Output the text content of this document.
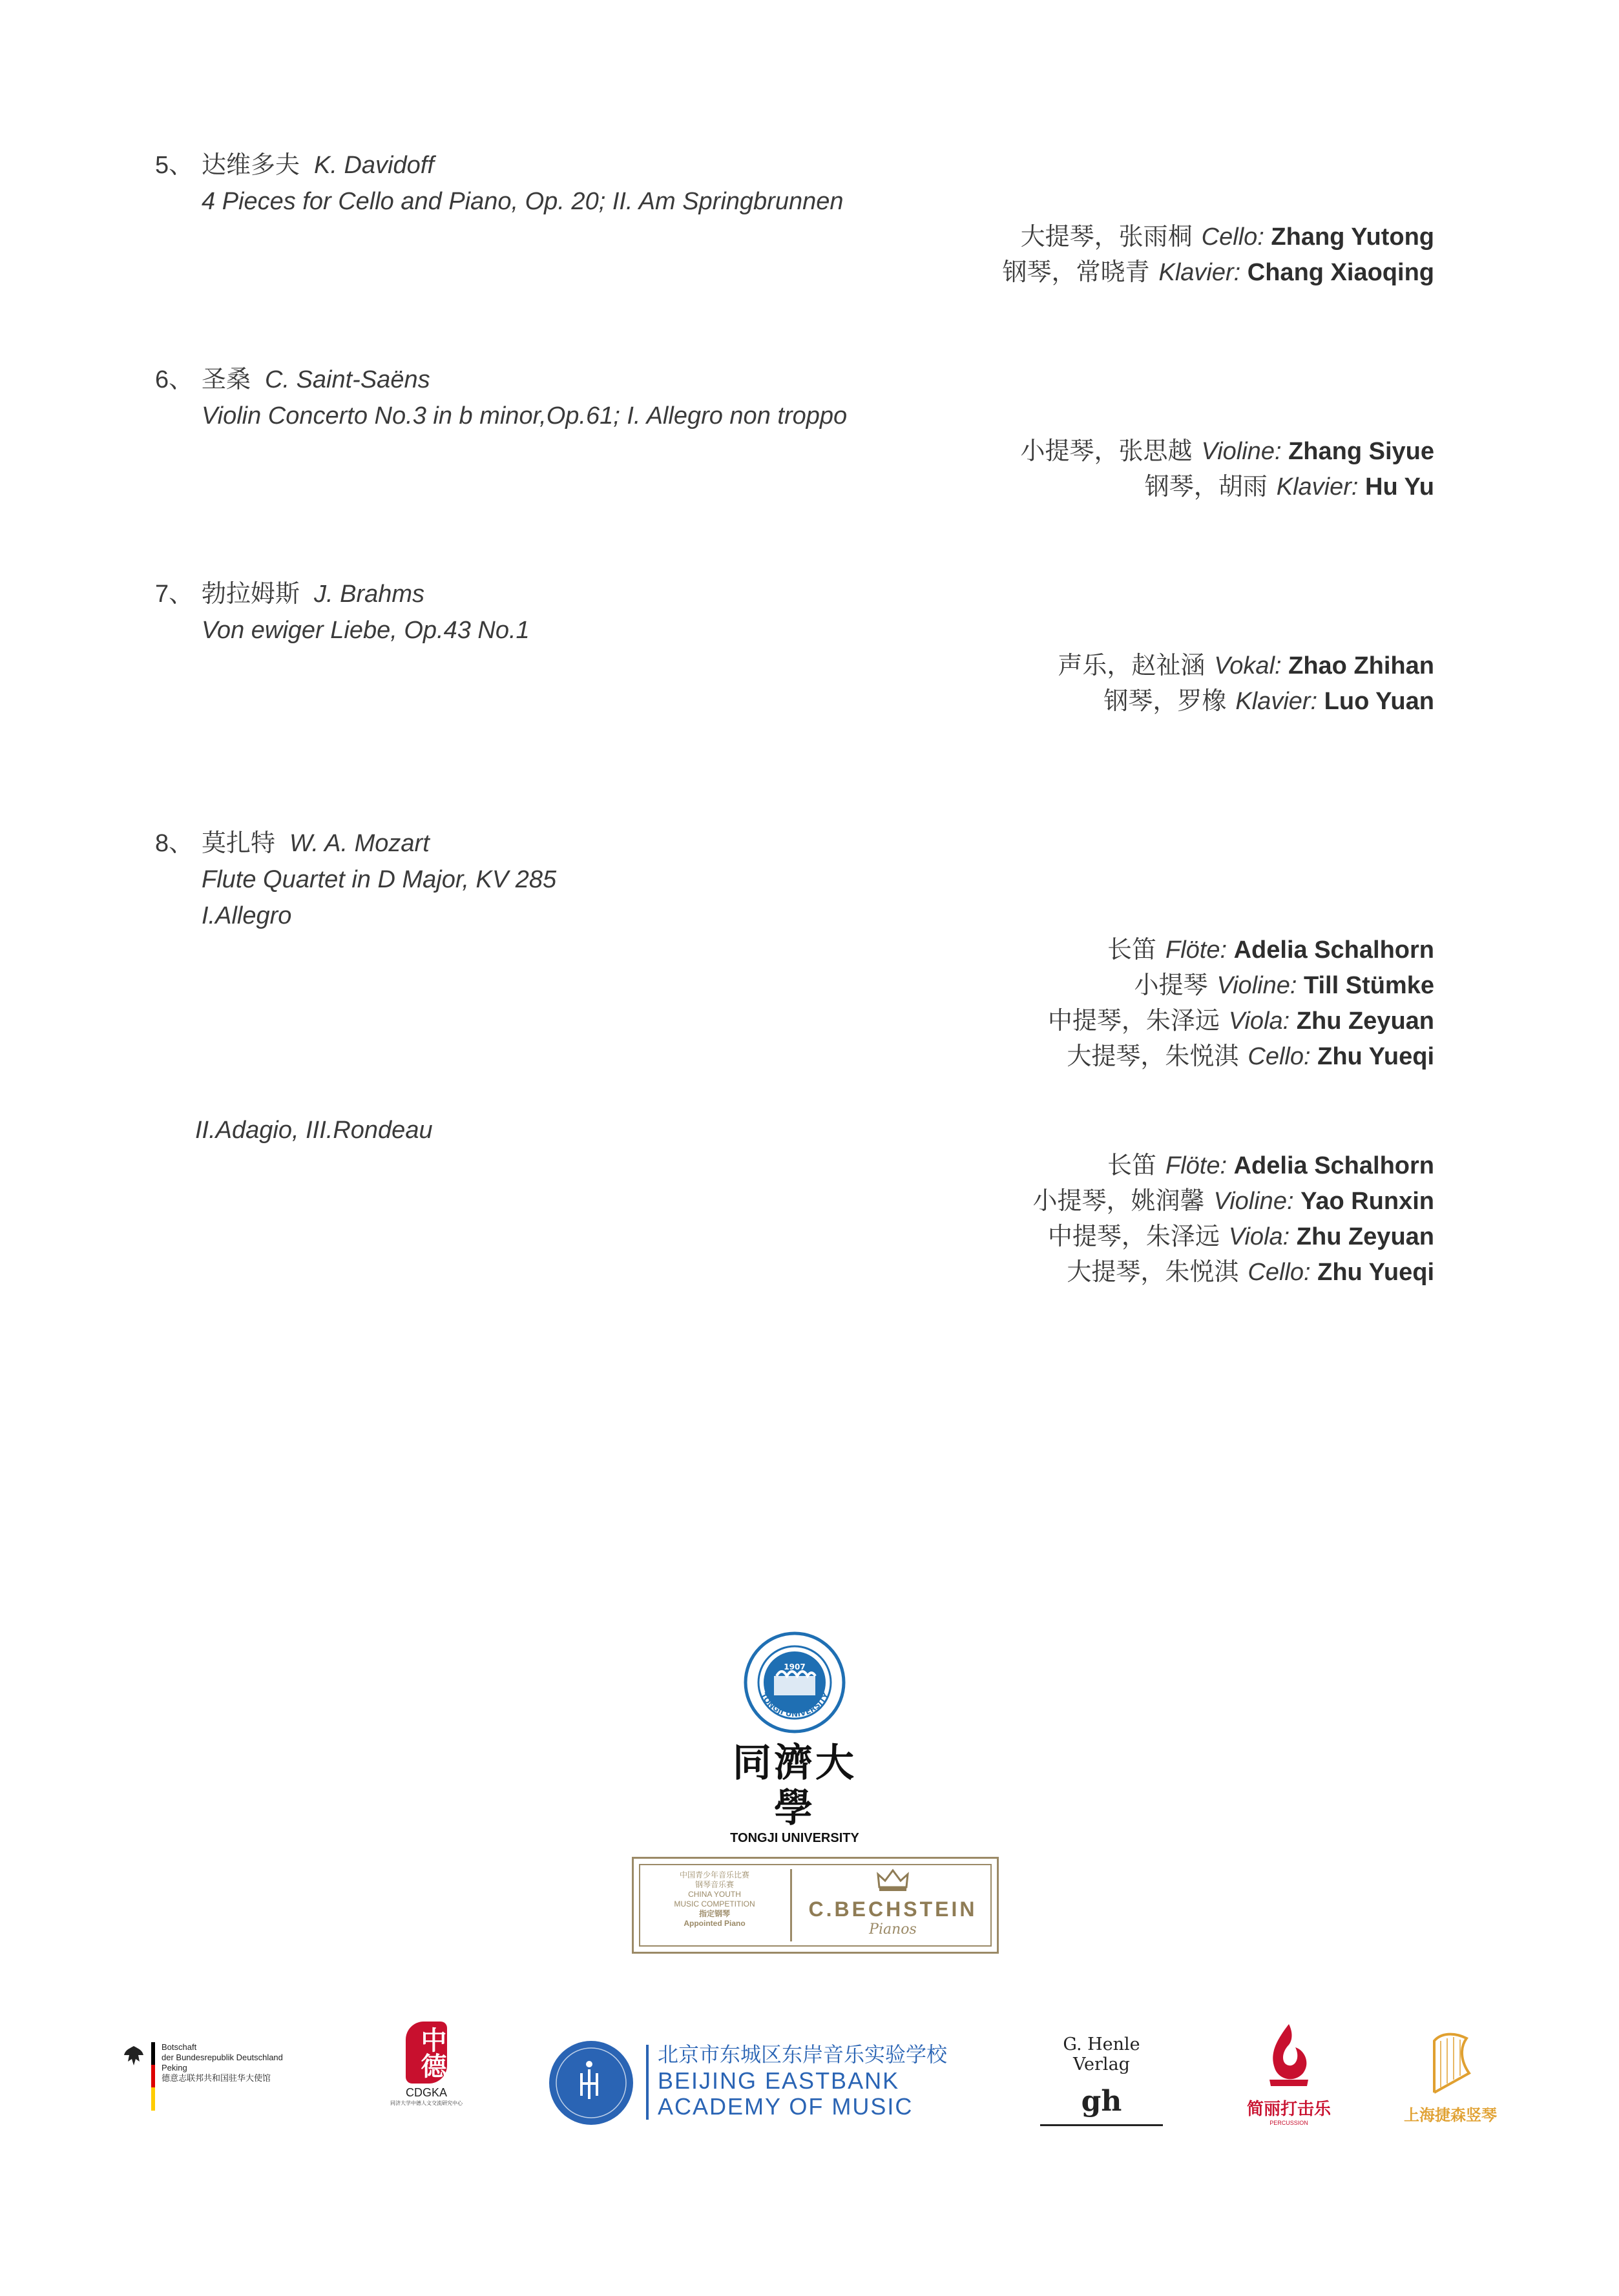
5、 达维多夫 K. Davidoff
4 Pieces for Cello and Piano, Op. 20; II. Am Springbrunnen
大提琴，张雨桐 Cello: Zhang Yutong
钢琴，常晓青 Klavier: Chang Xiaoqing
6、 圣桑 C. Saint-Saëns
Violin Concerto No.3 in b minor,Op.61; I. Allegro non troppo
小提琴，张思越 Violine: Zhang Siyue
钢琴，胡雨 Klavier: Hu Yu
7、 勃拉姆斯 J. Brahms
Von ewiger Liebe, Op.43 No.1
声乐，赵祉涵 Vokal: Zhao Zhihan
钢琴，罗橡 Klavier: Luo Yuan
8、 莫扎特 W. A. Mozart
Flute Quartet in D Major, KV 285
I.Allegro
长笛 Flöte: Adelia Schalhorn
小提琴 Violine: Till Stümke
中提琴，朱泽远 Viola: Zhu Zeyuan
大提琴，朱悦淇 Cello: Zhu Yueqi
II.Adagio, III.Rondeau
长笛 Flöte: Adelia Schalhorn
小提琴，姚润馨 Violine: Yao Runxin
中提琴，朱泽远 Viola: Zhu Zeyuan
大提琴，朱悦淇 Cello: Zhu Yueqi
1907
TONGJI UNIVERSITY
同濟大學
TONGJI UNIVERSITY
中国青少年音乐比赛
钢琴音乐赛
CHINA YOUTH
MUSIC COMPETITION
指定钢琴
Appointed Piano
C.BECHSTEIN
Pianos
Botschaft
der Bundesrepublik Deutschland
Peking
德意志联邦共和国驻华大使馆	中德
CDGKA
同济大学中德人文交流研究中心
北京市东城区东岸音乐实验学校
BEIJING EASTBANK
ACADEMY OF MUSIC
G. Henle Verlag
gh	简丽打击乐
PERCUSSION	上海捷森竖琴
